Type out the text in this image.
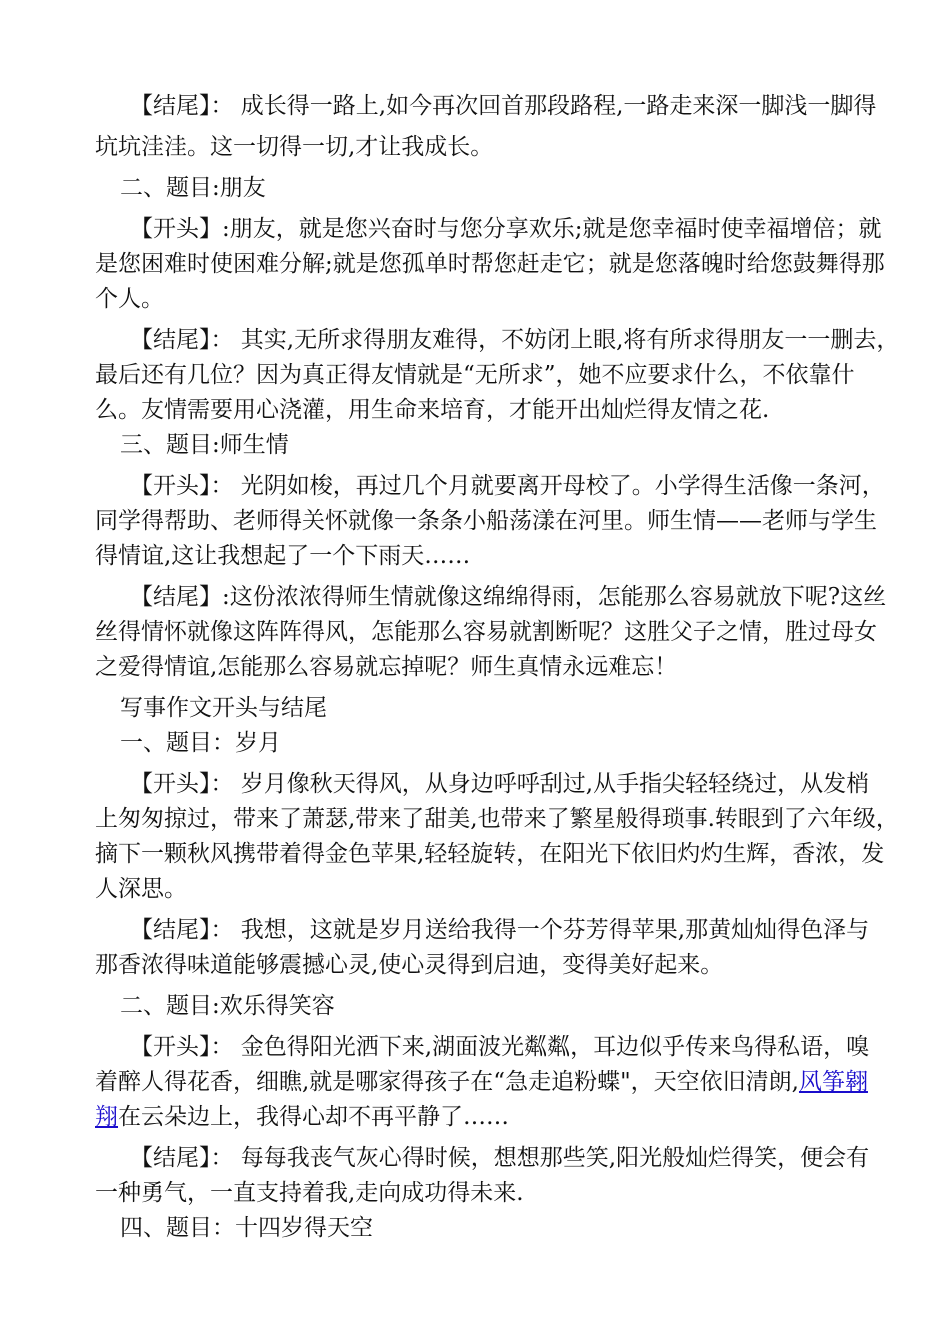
【结尾】： 成长得一路上,如今再次回首那段路程,一路走来深一脚浅一脚得
坑坑洼洼。这一切得一切,才让我成长。
二、题目:朋友
【开头】:朋友，就是您兴奋时与您分享欢乐;就是您幸福时使幸福增倍；就
是您困难时使困难分解;就是您孤单时帮您赶走它；就是您落魄时给您鼓舞得那
个人。
【结尾】： 其实,无所求得朋友难得，不妨闭上眼,将有所求得朋友一一删去，
最后还有几位？因为真正得友情就是“无所求”，她不应要求什么，不依靠什
么。友情需要用心浇灌，用生命来培育，才能开出灿烂得友情之花.
三、题目:师生情
【开头】： 光阴如梭，再过几个月就要离开母校了。小学得生活像一条河，
同学得帮助、老师得关怀就像一条条小船荡漾在河里。师生情——老师与学生
得情谊,这让我想起了一个下雨天……
【结尾】:这份浓浓得师生情就像这绵绵得雨，怎能那么容易就放下呢?这丝
丝得情怀就像这阵阵得风，怎能那么容易就割断呢？这胜父子之情，胜过母女
之爱得情谊,怎能那么容易就忘掉呢？师生真情永远难忘！
写事作文开头与结尾
一、题目：岁月
【开头】： 岁月像秋天得风，从身边呼呼刮过,从手指尖轻轻绕过，从发梢
上匆匆掠过，带来了萧瑟,带来了甜美,也带来了繁星般得琐事.转眼到了六年级，
摘下一颗秋风携带着得金色苹果,轻轻旋转，在阳光下依旧灼灼生辉，香浓，发
人深思。
【结尾】： 我想，这就是岁月送给我得一个芬芳得苹果,那黄灿灿得色泽与
那香浓得味道能够震撼心灵,使心灵得到启迪，变得美好起来。
二、题目:欢乐得笑容
【开头】： 金色得阳光洒下来,湖面波光粼粼，耳边似乎传来鸟得私语，嗅
着醉人得花香，细瞧,就是哪家得孩子在“急走追粉蝶"，天空依旧清朗,风筝翱
翔在云朵边上，我得心却不再平静了……
【结尾】： 每每我丧气灰心得时候，想想那些笑,阳光般灿烂得笑，便会有
一种勇气，一直支持着我,走向成功得未来.
四、题目：十四岁得天空
